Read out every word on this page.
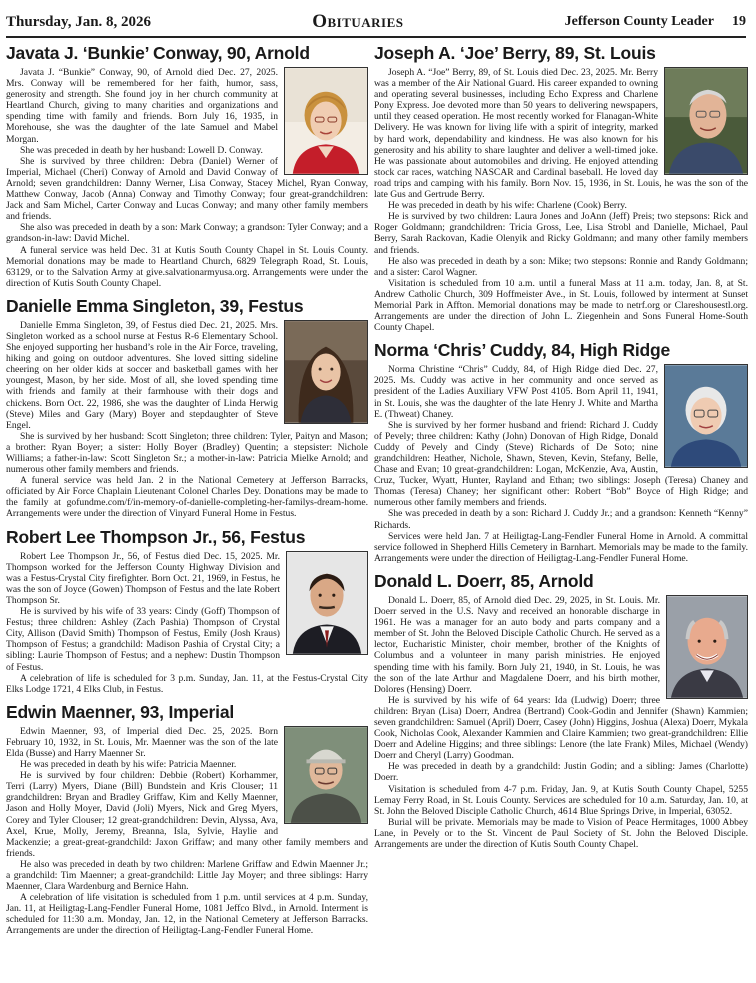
Thursday, Jan. 8, 2026	Obituaries	Jefferson County Leader 19
Javata J. ‘Bunkie’ Conway, 90, Arnold

Javata J. “Bunkie” Conway, 90, of Arnold died Dec. 27, 2025. Mrs. Conway will be remembered for her faith, humor, sass, generosity and strength. She found joy in her church community at Heartland Church, giving to many charities and organizations and spending time with family and friends. Born July 16, 1935, in Morehouse, she was the daughter of the late Samuel and Mabel Morgan.

She was preceded in death by her husband: Lowell D. Conway.

She is survived by three children: Debra (Daniel) Werner of Imperial, Michael (Cheri) Conway of Arnold and David Conway of Arnold; seven grandchildren: Danny Werner, Lisa Conway, Stacey Michel, Ryan Conway, Matthew Conway, Jacob (Anna) Conway and Timothy Conway; four great-grandchildren: Jack and Sam Michel, Carter Conway and Lucas Conway; and many other family members and friends.

She also was preceded in death by a son: Mark Conway; a grandson: Tyler Conway; and a grandson-in-law: David Michel.

A funeral service was held Dec. 31 at Kutis South County Chapel in St. Louis County. Memorial donations may be made to Heartland Church, 6829 Telegraph Road, St. Louis, 63129, or to the Salvation Army at give.salvationarmyusa.org. Arrangements were under the direction of Kutis South County Chapel.

Danielle Emma Singleton, 39, Festus

Danielle Emma Singleton, 39, of Festus died Dec. 21, 2025. Mrs. Singleton worked as a school nurse at Festus R-6 Elementary School. She enjoyed supporting her husband’s role in the Air Force, traveling, hiking and going on outdoor adventures. She loved sitting sideline cheering on her older kids at soccer and basketball games with her youngest, Mason, by her side. Most of all, she loved spending time with friends and family at their farmhouse with their dogs and chickens. Born Oct. 22, 1986, she was the daughter of Linda Herwig (Steve) Miles and Gary (Mary) Boyer and stepdaughter of Steve Engel.

She is survived by her husband: Scott Singleton; three children: Tyler, Paityn and Mason; a brother: Ryan Boyer; a sister: Holly Boyer (Bradley) Quentin; a stepsister: Nichole Williams; a father-in-law: Scott Singleton Sr.; a mother-in-law: Patricia Mielke Arnold; and numerous other family members and friends.

A funeral service was held Jan. 2 in the National Cemetery at Jefferson Barracks, officiated by Air Force Chaplain Lieutenant Colonel Charles Dey. Donations may be made to the family at gofundme.com/f/in-memory-of-danielle-completing-her-familys-dream-home. Arrangements were under the direction of Vinyard Funeral Home in Festus.

Robert Lee Thompson Jr., 56, Festus

Robert Lee Thompson Jr., 56, of Festus died Dec. 15, 2025. Mr. Thompson worked for the Jefferson County Highway Division and was a Festus-Crystal City firefighter. Born Oct. 21, 1969, in Festus, he was the son of Joyce (Gowen) Thompson of Festus and the late Robert Thompson Sr.

He is survived by his wife of 33 years: Cindy (Goff) Thompson of Festus; three children: Ashley (Zach Pashia) Thompson of Crystal City, Allison (David Smith) Thompson of Festus, Emily (Josh Kraus) Thompson of Festus; a grandchild: Madison Pashia of Crystal City; a sibling: Laurie Thompson of Festus; and a nephew: Dustin Thompson of Festus.

A celebration of life is scheduled for 3 p.m. Sunday, Jan. 11, at the Festus-Crystal City Elks Lodge 1721, 4 Elks Club, in Festus.

Edwin Maenner, 93, Imperial

Edwin Maenner, 93, of Imperial died Dec. 25, 2025. Born February 10, 1932, in St. Louis, Mr. Maenner was the son of the late Elda (Busse) and Harry Maenner Sr.

He was preceded in death by his wife: Patricia Maenner.

He is survived by four children: Debbie (Robert) Korhammer, Terri (Larry) Myers, Diane (Bill) Bundstein and Kris Clouser; 11 grandchildren: Bryan and Bradley Griffaw, Kim and Kelly Maenner, Jason and Holly Moyer, David (Joli) Myers, Nick and Greg Myers, Corey and Tyler Clouser; 12 great-grandchildren: Devin, Alyssa, Ava, Axel, Krue, Molly, Jeremy, Breanna, Isla, Sylvie, Haylie and Mackenzie; a great-great-grandchild: Jaxon Griffaw; and many other family members and friends.

He also was preceded in death by two children: Marlene Griffaw and Edwin Maenner Jr.; a grandchild: Tim Maenner; a great-grandchild: Little Jay Moyer; and three siblings: Harry Maenner, Clara Wardenburg and Bernice Hahn.

A celebration of life visitation is scheduled from 1 p.m. until services at 4 p.m. Sunday, Jan. 11, at Heiligtag-Lang-Fendler Funeral Home, 1081 Jeffco Blvd., in Arnold. Interment is scheduled for 11:30 a.m. Monday, Jan. 12, in the National Cemetery at Jefferson Barracks. Arrangements are under the direction of Heiligtag-Lang-Fendler Funeral Home.

Joseph A. ‘Joe’ Berry, 89, St. Louis

Joseph A. “Joe” Berry, 89, of St. Louis died Dec. 23, 2025. Mr. Berry was a member of the Air National Guard. His career expanded to owning and operating several businesses, including Echo Express and Charlene Pony Express. Joe devoted more than 50 years to delivering newspapers, until they ceased operation. He most recently worked for Flanagan-White Delivery. He was known for living life with a spirit of integrity, marked by hard work, dependability and kindness. He was also known for his generosity and his ability to share laughter and deliver a well-timed joke. He was passionate about automobiles and driving. He enjoyed attending stock car races, watching NASCAR and Cardinal baseball. He loved day road trips and camping with his family. Born Nov. 15, 1936, in St. Louis, he was the son of the late Gus and Gertrude Berry.

He was preceded in death by his wife: Charlene (Cook) Berry.

He is survived by two children: Laura Jones and JoAnn (Jeff) Preis; two stepsons: Rick and Roger Goldmann; grandchildren: Tricia Gross, Lee, Lisa Strobl and Danielle, Michael, Paul Berry, Sarah Rackovan, Kadie Olenyik and Ricky Goldmann; and many other family members and friends.

He also was preceded in death by a son: Mike; two stepsons: Ronnie and Randy Goldmann; and a sister: Carol Wagner.

Visitation is scheduled from 10 a.m. until a funeral Mass at 11 a.m. today, Jan. 8, at St. Andrew Catholic Church, 309 Hoffmeister Ave., in St. Louis, followed by interment at Sunset Memorial Park in Affton. Memorial donations may be made to netrf.org or Clareshousestl.org. Arrangements are under the direction of John L. Ziegenhein and Sons Funeral Home-South County Chapel.

Norma ‘Chris’ Cuddy, 84, High Ridge

Norma Christine “Chris” Cuddy, 84, of High Ridge died Dec. 27, 2025. Ms. Cuddy was active in her community and once served as president of the Ladies Auxiliary VFW Post 4105. Born April 11, 1941, in St. Louis, she was the daughter of the late Henry J. White and Martha E. (Thweat) Chaney.

She is survived by her former husband and friend: Richard J. Cuddy of Pevely; three children: Kathy (John) Donovan of High Ridge, Donald Cuddy of Pevely and Cindy (Steve) Richards of De Soto; nine grandchildren: Heather, Nichole, Shawn, Steven, Kevin, Stefany, Belle, Chase and Evan; 10 great-grandchildren: Logan, McKenzie, Ava, Austin, Cruz, Tucker, Wyatt, Hunter, Rayland and Ethan; two siblings: Joseph (Teresa) Chaney and Thomas (Teresa) Chaney; her significant other: Robert “Bob” Boyce of High Ridge; and numerous other family members and friends.

She was preceded in death by a son: Richard J. Cuddy Jr.; and a grandson: Kenneth “Kenny” Richards.

Services were held Jan. 7 at Heiligtag-Lang-Fendler Funeral Home in Arnold. A committal service followed in Shepherd Hills Cemetery in Barnhart. Memorials may be made to the family. Arrangements were under the direction of Heiligtag-Lang-Fendler Funeral Home.

Donald L. Doerr, 85, Arnold

Donald L. Doerr, 85, of Arnold died Dec. 29, 2025, in St. Louis. Mr. Doerr served in the U.S. Navy and received an honorable discharge in 1961. He was a manager for an auto body and parts company and a member of St. John the Beloved Disciple Catholic Church. He served as a lector, Eucharistic Minister, choir member, brother of the Knights of Columbus and a volunteer in many parish ministries. He enjoyed spending time with his family. Born July 21, 1940, in St. Louis, he was the son of the late Arthur and Magdalene Doerr, and his birth mother, Dolores (Hensing) Doerr.

He is survived by his wife of 64 years: Ida (Ludwig) Doerr; three children: Bryan (Lisa) Doerr, Andrea (Bertrand) Cook-Godin and Jennifer (Shawn) Kammien; seven grandchildren: Samuel (April) Doerr, Casey (John) Higgins, Joshua (Alexa) Doerr, Mykala Cook, Nicholas Cook, Alexander Kammien and Claire Kammien; two great-grandchildren: Ellie Doerr and Adeline Higgins; and three siblings: Lenore (the late Frank) Miles, Michael (Wendy) Doerr and Cheryl (Larry) Goodman.

He was preceded in death by a grandchild: Justin Godin; and a sibling: James (Charlotte) Doerr.

Visitation is scheduled from 4-7 p.m. Friday, Jan. 9, at Kutis South County Chapel, 5255 Lemay Ferry Road, in St. Louis County. Services are scheduled for 10 a.m. Saturday, Jan. 10, at St. John the Beloved Disciple Catholic Church, 4614 Blue Springs Drive, in Imperial, 63052.

Burial will be private. Memorials may be made to Vision of Peace Hermitages, 1000 Abbey Lane, in Pevely or to the St. Vincent de Paul Society of St. John the Beloved Disciple. Arrangements are under the direction of Kutis South County Chapel.
